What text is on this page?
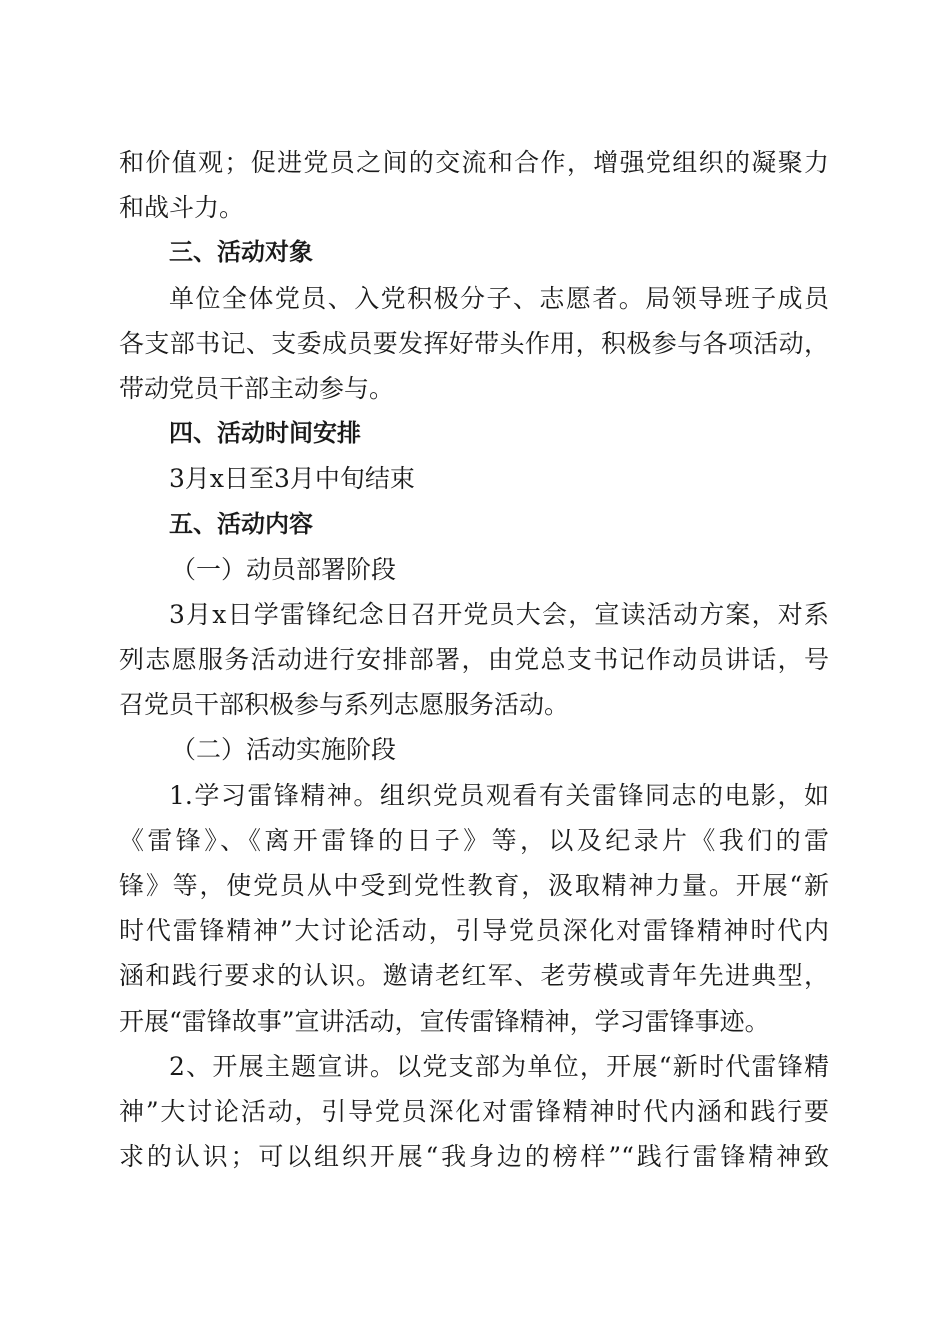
和价值观；促进党员之间的交流和合作，增强党组织的凝聚力
和战斗力。
三、活动对象
单位全体党员、入党积极分子、志愿者。局领导班子成员
各支部书记、支委成员要发挥好带头作用，积极参与各项活动，
带动党员干部主动参与。
四、活动时间安排
3月x日至3月中旬结束
五、活动内容
（一）动员部署阶段
3月x日学雷锋纪念日召开党员大会，宣读活动方案，对系
列志愿服务活动进行安排部署，由党总支书记作动员讲话，号
召党员干部积极参与系列志愿服务活动。
（二）活动实施阶段
1.学习雷锋精神。组织党员观看有关雷锋同志的电影，如
《雷锋》、《离开雷锋的日子》等，以及纪录片《我们的雷
锋》等，使党员从中受到党性教育，汲取精神力量。开展“新
时代雷锋精神”大讨论活动，引导党员深化对雷锋精神时代内
涵和践行要求的认识。邀请老红军、老劳模或青年先进典型，
开展“雷锋故事”宣讲活动，宣传雷锋精神，学习雷锋事迹。
2、开展主题宣讲。以党支部为单位，开展“新时代雷锋精
神”大讨论活动，引导党员深化对雷锋精神时代内涵和践行要
求的认识；可以组织开展“我身边的榜样”“践行雷锋精神致
